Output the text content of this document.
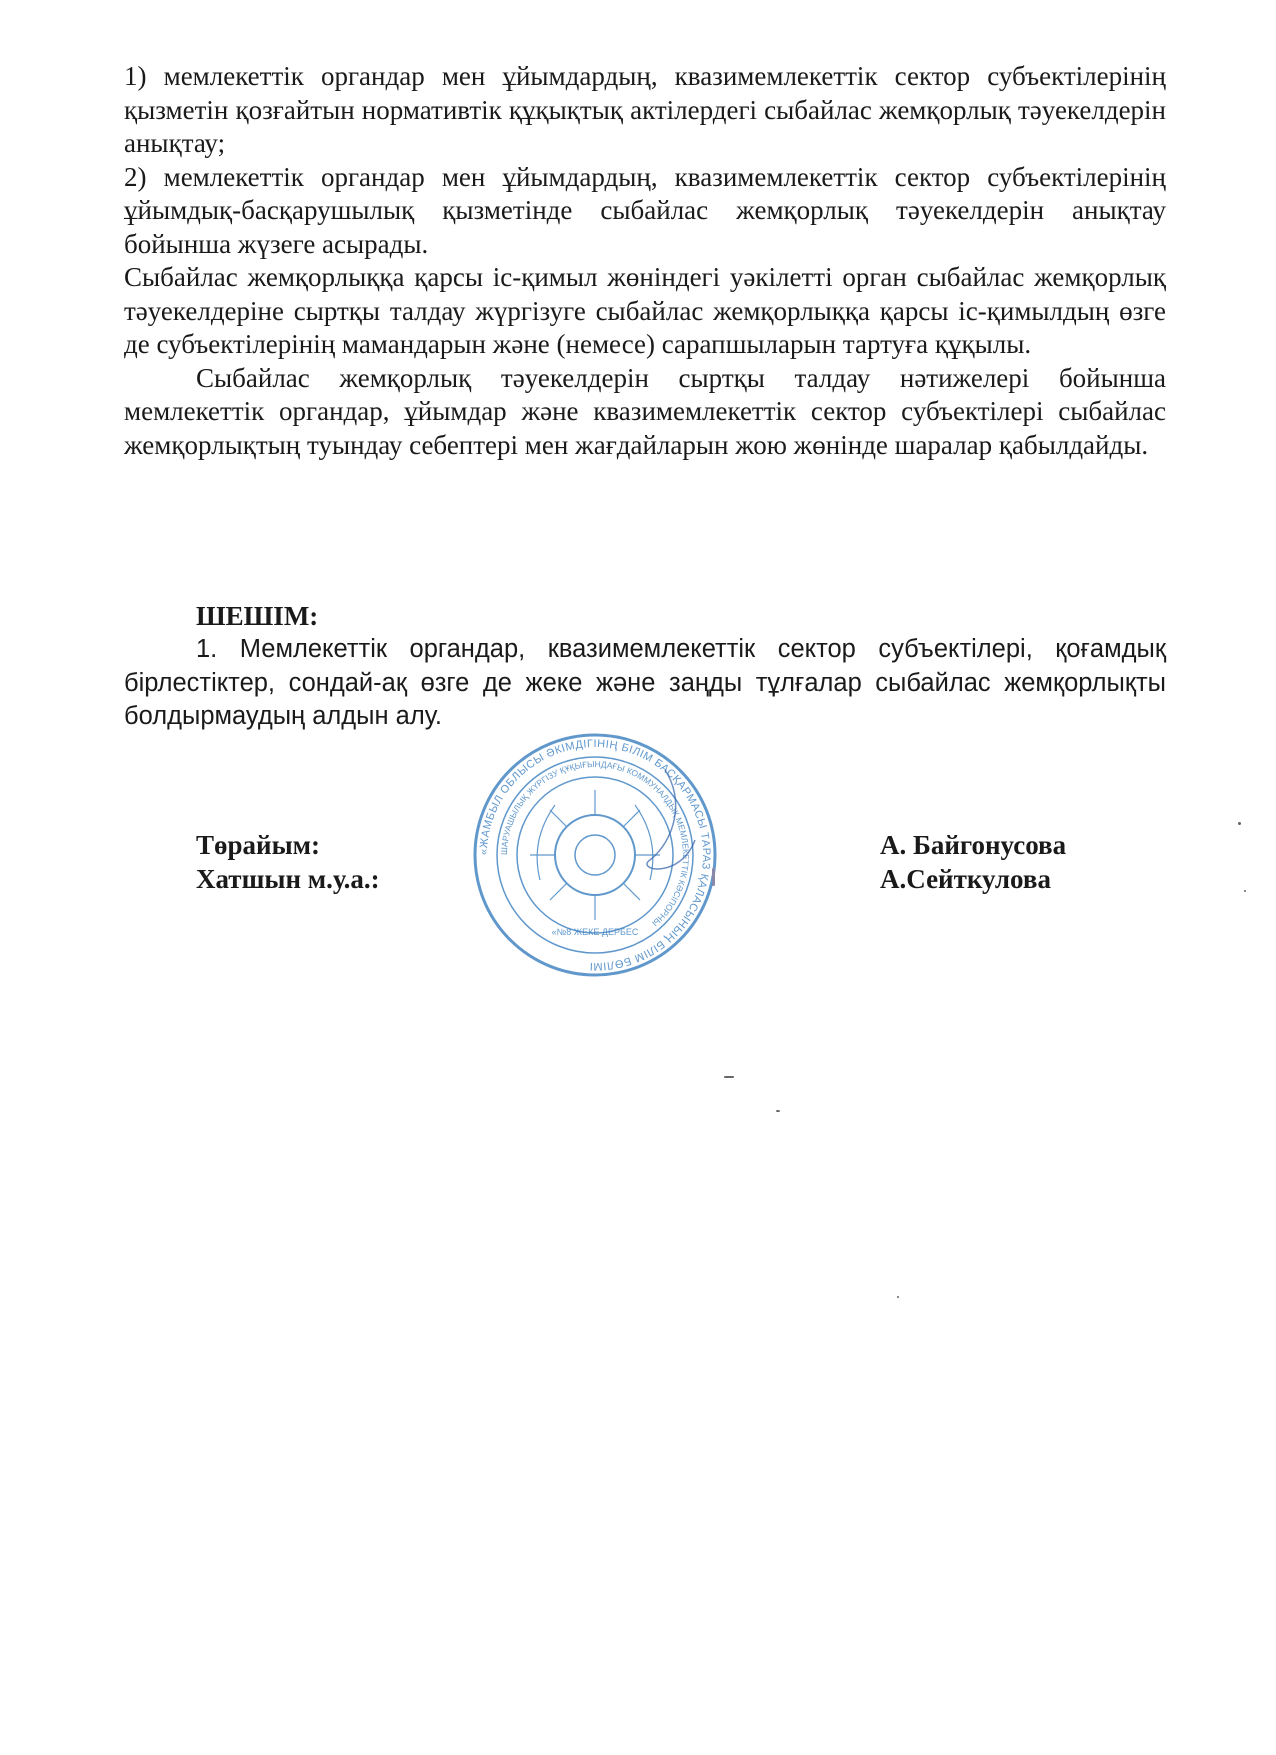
1) мемлекеттік органдар мен ұйымдардың, квазимемлекеттік сектор субъектілерінің қызметін қозғайтын нормативтік құқықтық актілердегі сыбайлас жемқорлық тәуекелдерін анықтау;

2) мемлекеттік органдар мен ұйымдардың, квазимемлекеттік сектор субъектілерінің ұйымдық-басқарушылық қызметінде сыбайлас жемқорлық тәуекелдерін анықтау бойынша жүзеге асырады.

Сыбайлас жемқорлыққа қарсы іс-қимыл жөніндегі уәкілетті орган сыбайлас жемқорлық тәуекелдеріне сыртқы талдау жүргізуге сыбайлас жемқорлыққа қарсы іс-қимылдың өзге де субъектілерінің мамандарын және (немесе) сарапшыларын тартуға құқылы.

Сыбайлас жемқорлық тәуекелдерін сыртқы талдау нәтижелері бойынша мемлекеттік органдар, ұйымдар және квазимемлекеттік сектор субъектілері сыбайлас жемқорлықтың туындау себептері мен жағдайларын жою жөнінде шаралар қабылдайды.

ШЕШІМ:

1. Мемлекеттік органдар, квазимемлекеттік сектор субъектілері, қоғамдық бірлестіктер, сондай-ақ өзге де жеке және заңды тұлғалар сыбайлас жемқорлықты болдырмаудың алдын алу.

Төрайым:
Хатшын м.у.а.:
А. Байгонусова
А.Сейткулова
«ЖАМБЫЛ ОБЛЫСЫ ӘКІМДІГІНІҢ БІЛІМ БАСҚАРМАСЫ ТАРАЗ ҚАЛАСЫНЫҢ БІЛІМ БӨЛІМІ
ШАРУАШЫЛЫҚ ЖҮРГІЗУ ҚҰҚЫҒЫНДАҒЫ КОММУНАЛДЫҚ МЕМЛЕКЕТТІК КӘСІПОРНЫ
«№8 ЖЕКЕ ДЕРБЕС
